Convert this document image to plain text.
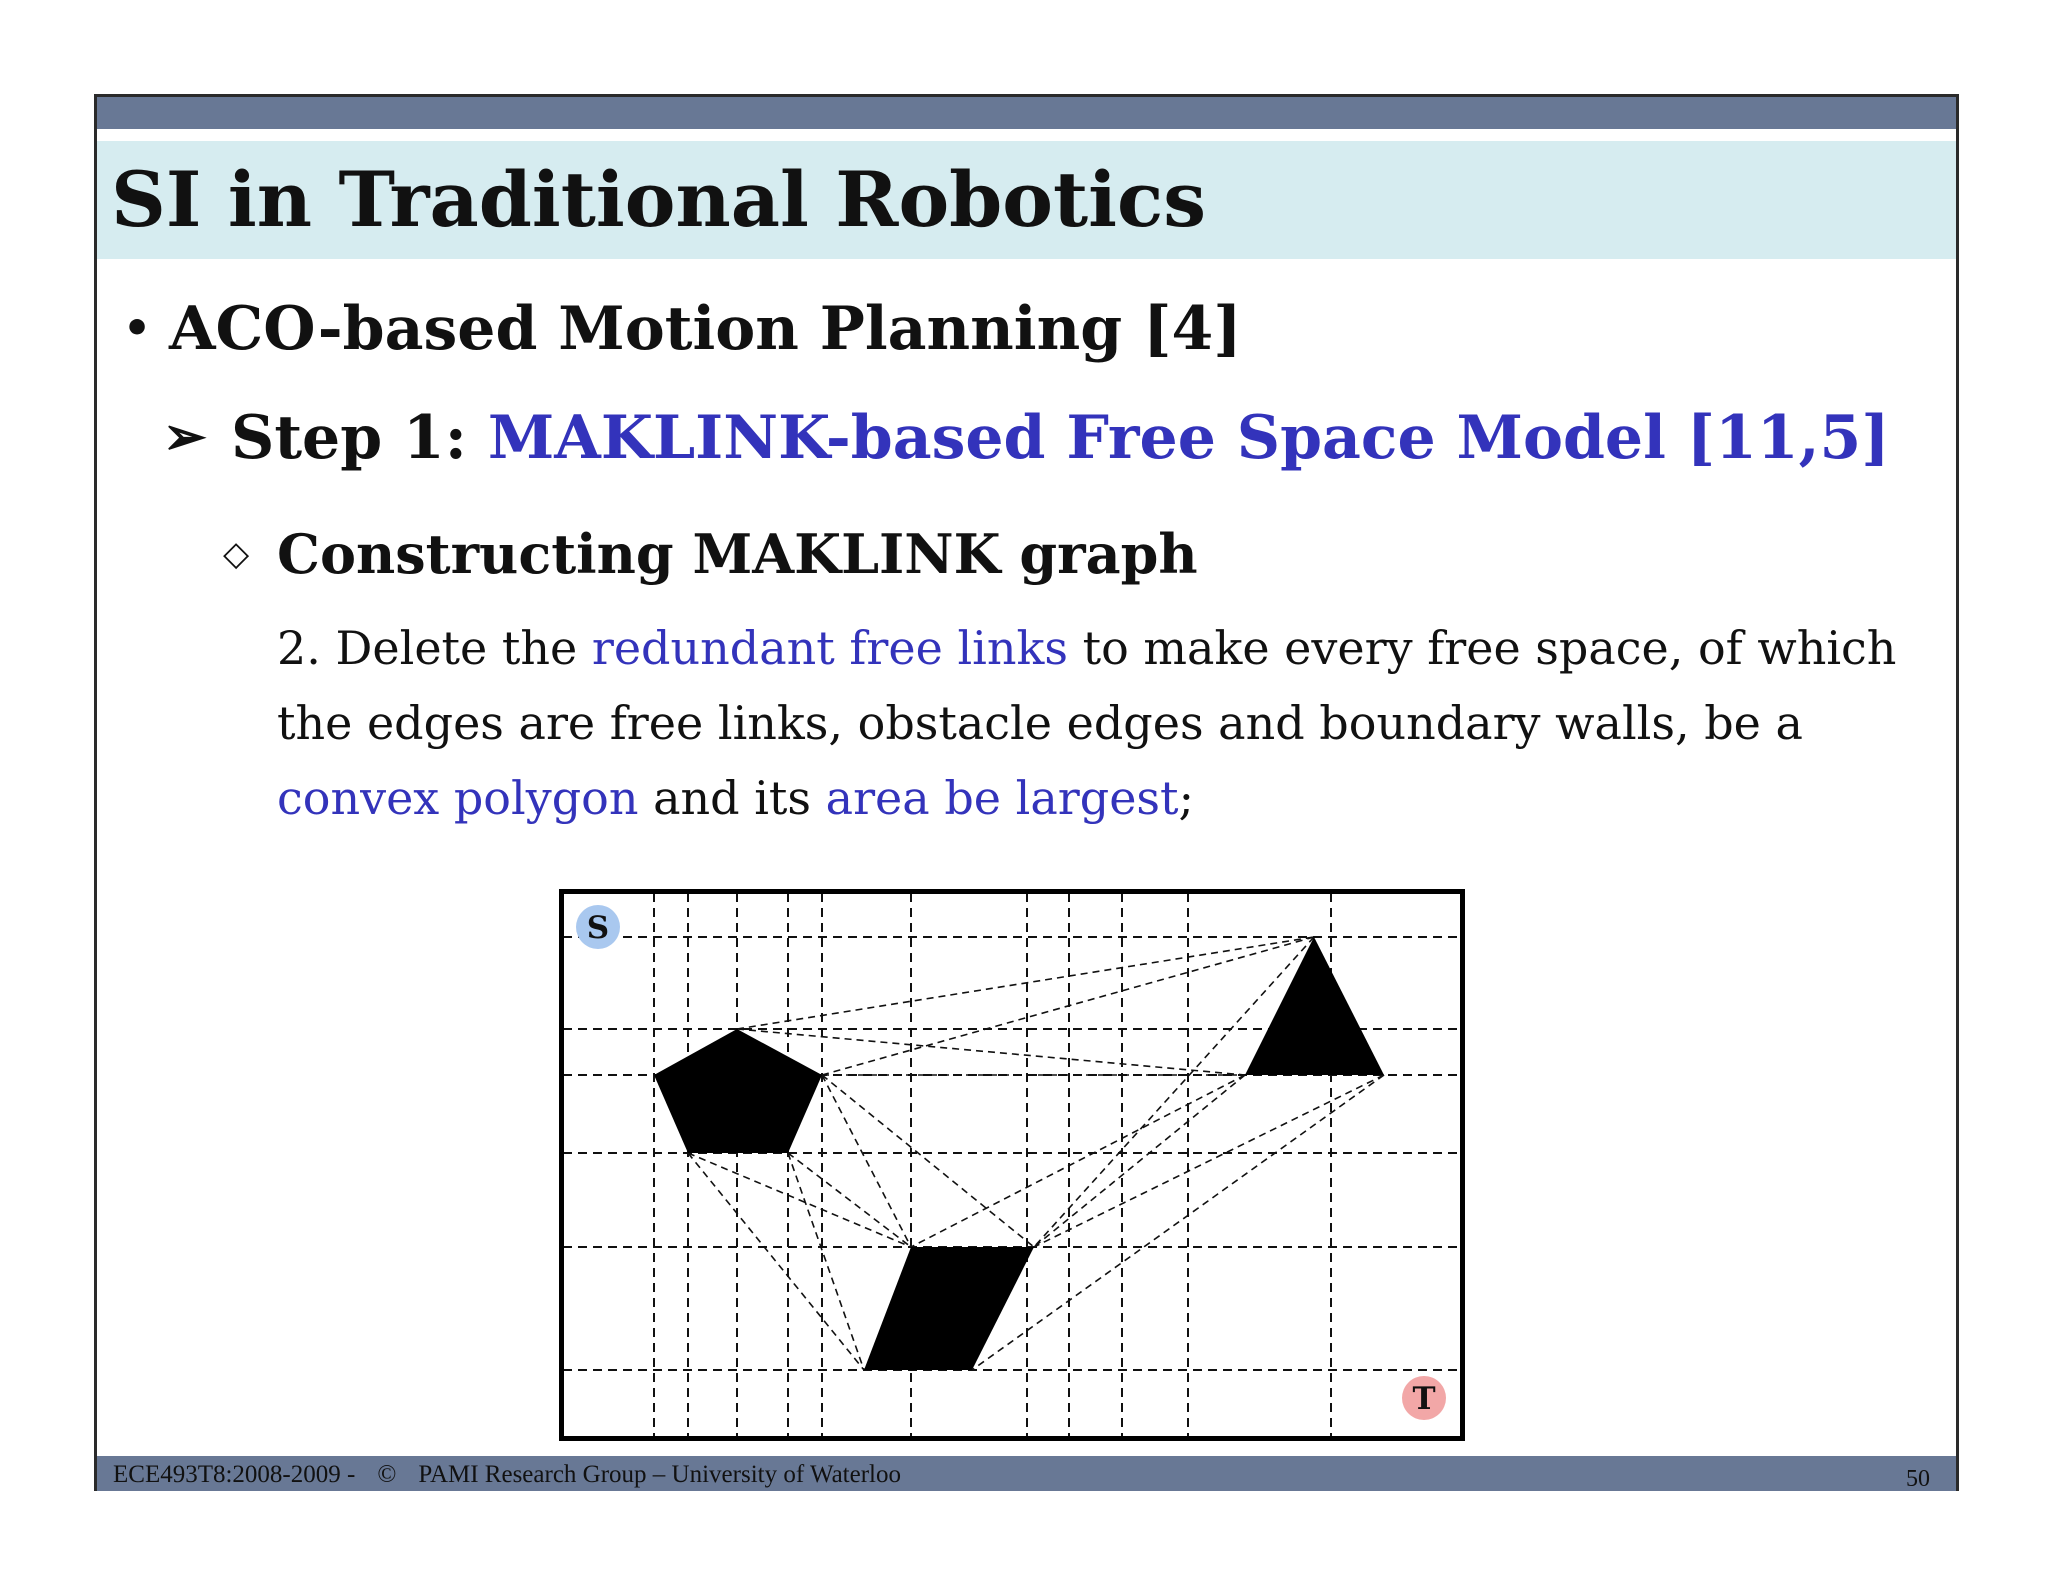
SI in Traditional Robotics
• ACO-based Motion Planning [4]
➢ Step 1: MAKLINK-based Free Space Model [11,5]
◇ Constructing MAKLINK graph

2. Delete the redundant free links to make every free space, of which the edges are free links, obstacle edges and boundary walls, be a convex polygon and its area be largest;

S
T
ECE493T8:2008-2009 - © PAMI Research Group – University of Waterloo	50
